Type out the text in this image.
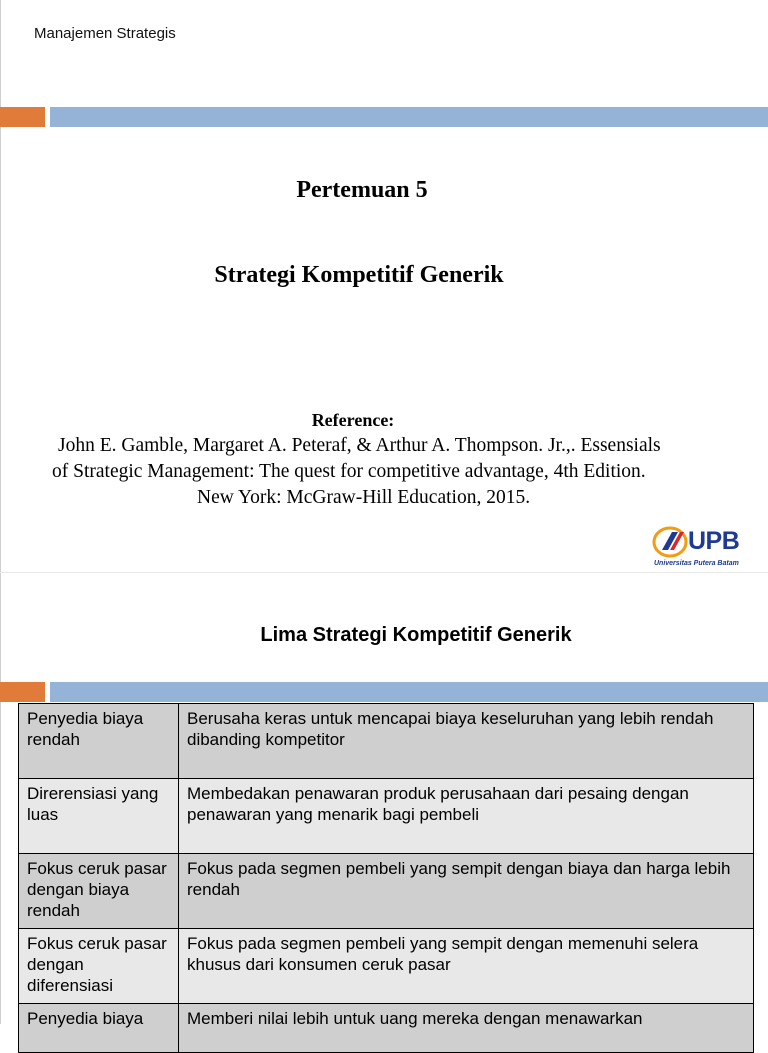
Manajemen Strategis
Pertemuan 5
Strategi Kompetitif Generik
Reference:
John E. Gamble, Margaret A. Peteraf, & Arthur A. Thompson. Jr.,. Essensials
of Strategic Management: The quest for competitive advantage, 4th Edition.
New York: McGraw-Hill Education, 2015.
UPB
Universitas Putera Batam
Lima Strategi Kompetitif Generik
Penyedia biaya rendah	Berusaha keras untuk mencapai biaya keseluruhan yang lebih rendah dibanding kompetitor
Direrensiasi yang luas	Membedakan penawaran produk perusahaan dari pesaing dengan penawaran yang menarik bagi pembeli
Fokus ceruk pasar dengan biaya rendah	Fokus pada segmen pembeli yang sempit dengan biaya dan harga lebih rendah
Fokus ceruk pasar dengan diferensiasi	Fokus pada segmen pembeli yang sempit dengan memenuhi selera khusus dari konsumen ceruk pasar
Penyedia biaya	Memberi nilai lebih untuk uang mereka dengan menawarkan
